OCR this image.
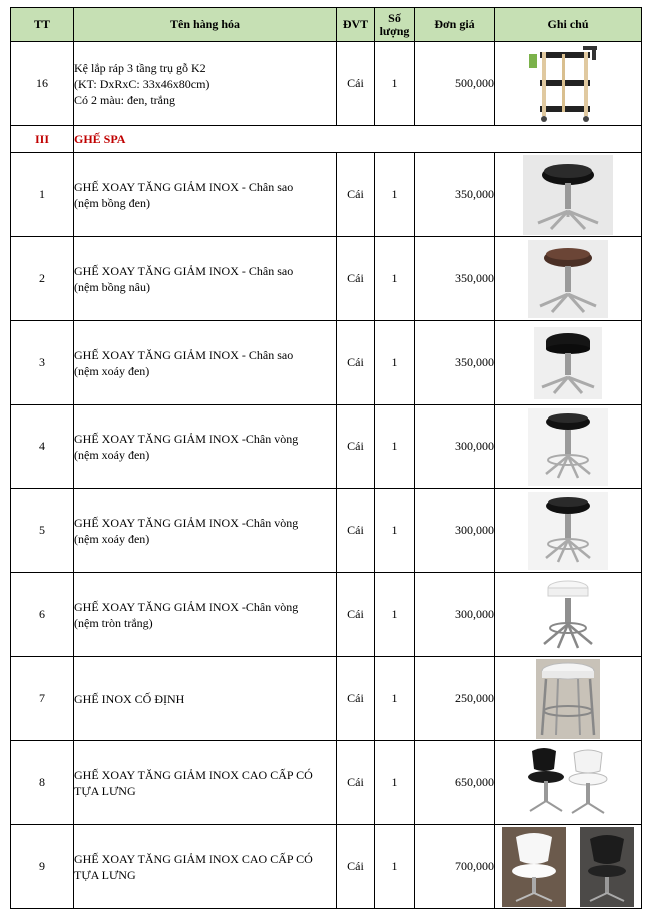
TT	Tên hàng hóa	ĐVT	Số
lượng	Đơn giá	Ghi chú
16	Kệ lắp ráp 3 tầng trụ gỗ K2
(KT: DxRxC: 33x46x80cm)
Có 2 màu: đen, trắng	Cái	1	500,000	

III	GHẾ SPA				
1	GHẾ XOAY TĂNG GIẢM INOX - Chân sao
(nệm bồng đen)	Cái	1	350,000	

2	GHẾ XOAY TĂNG GIẢM INOX - Chân sao
(nệm bồng nâu)	Cái	1	350,000	

3	GHẾ XOAY TĂNG GIẢM INOX - Chân sao
(nệm xoáy đen)	Cái	1	350,000	

4	GHẾ XOAY TĂNG GIẢM INOX -Chân vòng
(nệm xoáy đen)	Cái	1	300,000	

5	GHẾ XOAY TĂNG GIẢM INOX -Chân vòng
(nệm xoáy đen)	Cái	1	300,000	

6	GHẾ XOAY TĂNG GIẢM INOX -Chân vòng
(nệm tròn trắng)	Cái	1	300,000	

7	GHẾ INOX CỐ ĐỊNH	Cái	1	250,000	

8	GHẾ XOAY TĂNG GIẢM INOX CAO CẤP CÓ
TỰA LƯNG	Cái	1	650,000	

9	GHẾ XOAY TĂNG GIẢM INOX CAO CẤP CÓ
TỰA LƯNG	Cái	1	700,000	
